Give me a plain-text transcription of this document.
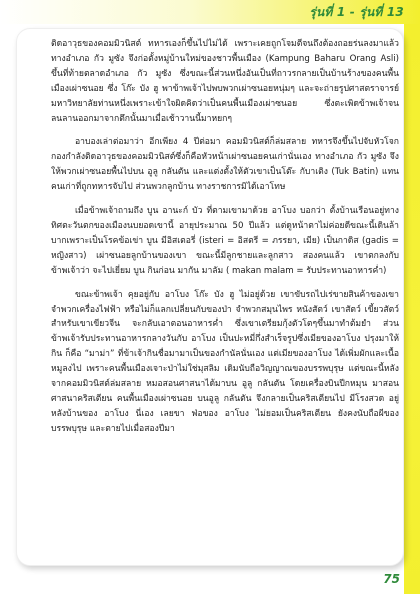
รุ่นที่ 1 - รุ่นที่ 13

ติดอาวุธของคอมมิวนิสต์ ทหารเองก็ขึ้นไปไม่ได้ เพราะเคยถูกโจมตีจนถึงต้องถอยร่นลงมาแล้ว ทางอำเภอ กัว มูซัง จึงก่อตั้งหมู่บ้านใหม่ของชาวพื้นเมือง (Kampung Baharu Orang Asli) ขึ้นที่ท้ายตลาดอำเภอ กัว มูซัง ซึ่งขณะนี้ส่วนหนึ่งอันเป็นที่ถาวรกลายเป็นบ้านร้างของคนพื้นเมืองเผ่าซนอย ซึ่ง โก๊ะ บัง ฮู พาข้าพเจ้าไปพบพวกเผ่าซนอยหนุ่มๆ และจะถ่ายรูปศาสตราจารย์มหาวิทยาลัยท่านหนึ่งเพราะเข้าใจผิดคิดว่าเป็นคนพื้นเมืองเผ่าซนอย ซึ่งตะเพิดข้าพเจ้าจนลนลานออกมาจากตึกนั้นมาเมื่อเช้าวานนี้มาหยกๆ

อาบองเล่าต่อมาว่า อีกเพียง 4 ปีต่อมา คอมมิวนิสต์ก็ล่มสลาย ทหารจึงขึ้นไปจับหัวโจกกองกำลังติดอาวุธของคอมมิวนิสต์ซึ่งก็คือหัวหน้าเผ่าซนอยคนเก่านั่นเอง ทางอำเภอ กัว มูซัง จึงให้พวกเผ่าซนอยพื้นไปบน อูลู กลันตัน และแต่งตั้งให้ตัวเขาเป็นโต๊ะ กับาเติง (Tuk Batin) แทนคนเก่าที่ถูกทหารจับไป ส่วนพวกลูกบ้าน ทางราชการมิได้เอาโทษ

เมื่อข้าพเจ้าถามถึง บูน อานะก์ บัว ที่ตามเขามาด้วย อาโบง บอกว่า ตั้งบ้านเรือนอยู่ทางทิศตะวันตกของเมืองนบยอดเขานี้ อายุประมาณ 50 ปีแล้ว แต่ดูหน้าตาไม่ค่อยดีขณะนี้เดินล้าบากเพราะเป็นโรคข้อเข่า บูน มีอิสเตอรี่ (isteri = อิสตรี = ภรรยา, เมีย) เป็นกาดิส (gadis = หญิงสาว) เผ่าซนอยลูกบ้านของเขา ขณะนี้มีลูกชายและลูกสาว สองคนแล้ว เขาตกลงกับข้าพเจ้าว่า จะไปเยี่ยม บูน กินก่อน มากัน มาลัม ( makan malam = รับประทานอาหารค่ำ)

ขณะข้าพเจ้า คุยอยู่กับ อาโบง โก๊ะ บัง ฮู ไม่อยู่ด้วย เขาขับรถไปเร่ขายสินค้าของเขาจำพวกเครื่องไฟฟ้า หรือไม่ก็แลกเปลี่ยนกับของป่า จำพวกสมุนไพร หนังสัตว์ เขาสัตว์ เขี้ยวสัตว์ สำหรับเขาเขียวจีน จะกลับเอาตอนอาหารค่ำ ซึ่งเขาเตรียมกุ้งตัวโตๆขึ้นมาทำต้มยำ ส่วนข้าพเจ้ารับประทานอาหารกลางวันกับ อาโบง เป็นปะหมี่กึ่งสำเร็จรูปซึ่งเมียของอาโบง ปรุงมาให้กิน ก็คือ “มาม่า” ที่ข้าเจ้ากินชื่อมามาเป็นของกำนัลนั่นเอง แต่เมียของอาโบง ได้เพิ่มผักและเนื้อหมูลงไป เพราะคนพื้นเมืองเจาะป่าไม่ใช่มุสลิม เดิมนับถือวิญญาณของบรรพบุรุษ แต่ขณะนี้หลังจากคอมมิวนิสต์ล่มสลาย หมอสอนศาสนาได้มาบน อูลู กลันตัน โดยเครื่องบินปีกหมุน มาสอนศาสนาคริสเตียน คนพื้นเมืองเผ่าซนอย บนอูลู กลันตัน จึงกลายเป็นคริสเตียนไป มีโรงสวด อยู่หลังบ้านของ อาโบง นี่เอง เลยขา ฟ่อของ อาโบง ไม่ยอมเป็นคริสเตียน ยังคงนับถือผีของบรรพบุรุษ และตายไปเมื่อสองปีมา

75
